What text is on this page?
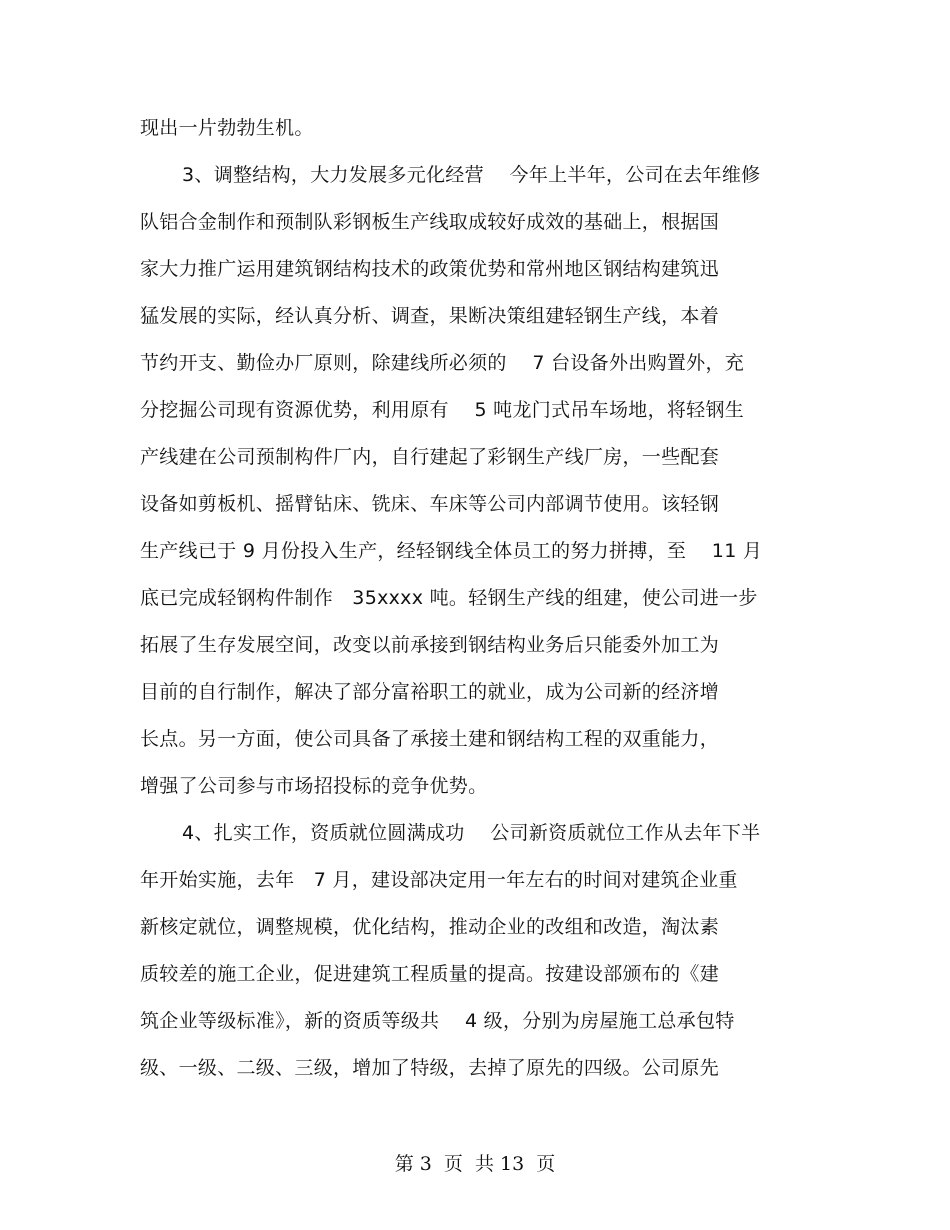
现出一片勃勃生机。
3、调整结构，大力发展多元化经营　 今年上半年，公司在去年维修
队铝合金制作和预制队彩钢板生产线取成较好成效的基础上，根据国
家大力推广运用建筑钢结构技术的政策优势和常州地区钢结构建筑迅
猛发展的实际，经认真分析、调查，果断决策组建轻钢生产线，本着
节约开支、勤俭办厂原则，除建线所必须的　 7 台设备外出购置外，充
分挖掘公司现有资源优势，利用原有　 5 吨龙门式吊车场地，将轻钢生
产线建在公司预制构件厂内，自行建起了彩钢生产线厂房，一些配套
设备如剪板机、摇臂钻床、铣床、车床等公司内部调节使用。该轻钢
生产线已于 9 月份投入生产，经轻钢线全体员工的努力拼搏，至　 11 月
底已完成轻钢构件制作　35xxxx 吨。轻钢生产线的组建，使公司进一步
拓展了生存发展空间，改变以前承接到钢结构业务后只能委外加工为
目前的自行制作，解决了部分富裕职工的就业，成为公司新的经济增
长点。另一方面，使公司具备了承接土建和钢结构工程的双重能力，
增强了公司参与市场招投标的竞争优势。
4、扎实工作，资质就位圆满成功　 公司新资质就位工作从去年下半
年开始实施，去年　7 月，建设部决定用一年左右的时间对建筑企业重
新核定就位，调整规模，优化结构，推动企业的改组和改造，淘汰素
质较差的施工企业，促进建筑工程质量的提高。按建设部颁布的《建
筑企业等级标准》，新的资质等级共　 4 级，分别为房屋施工总承包特
级、一级、二级、三级，增加了特级，去掉了原先的四级。公司原先
第 3  页  共 13  页
